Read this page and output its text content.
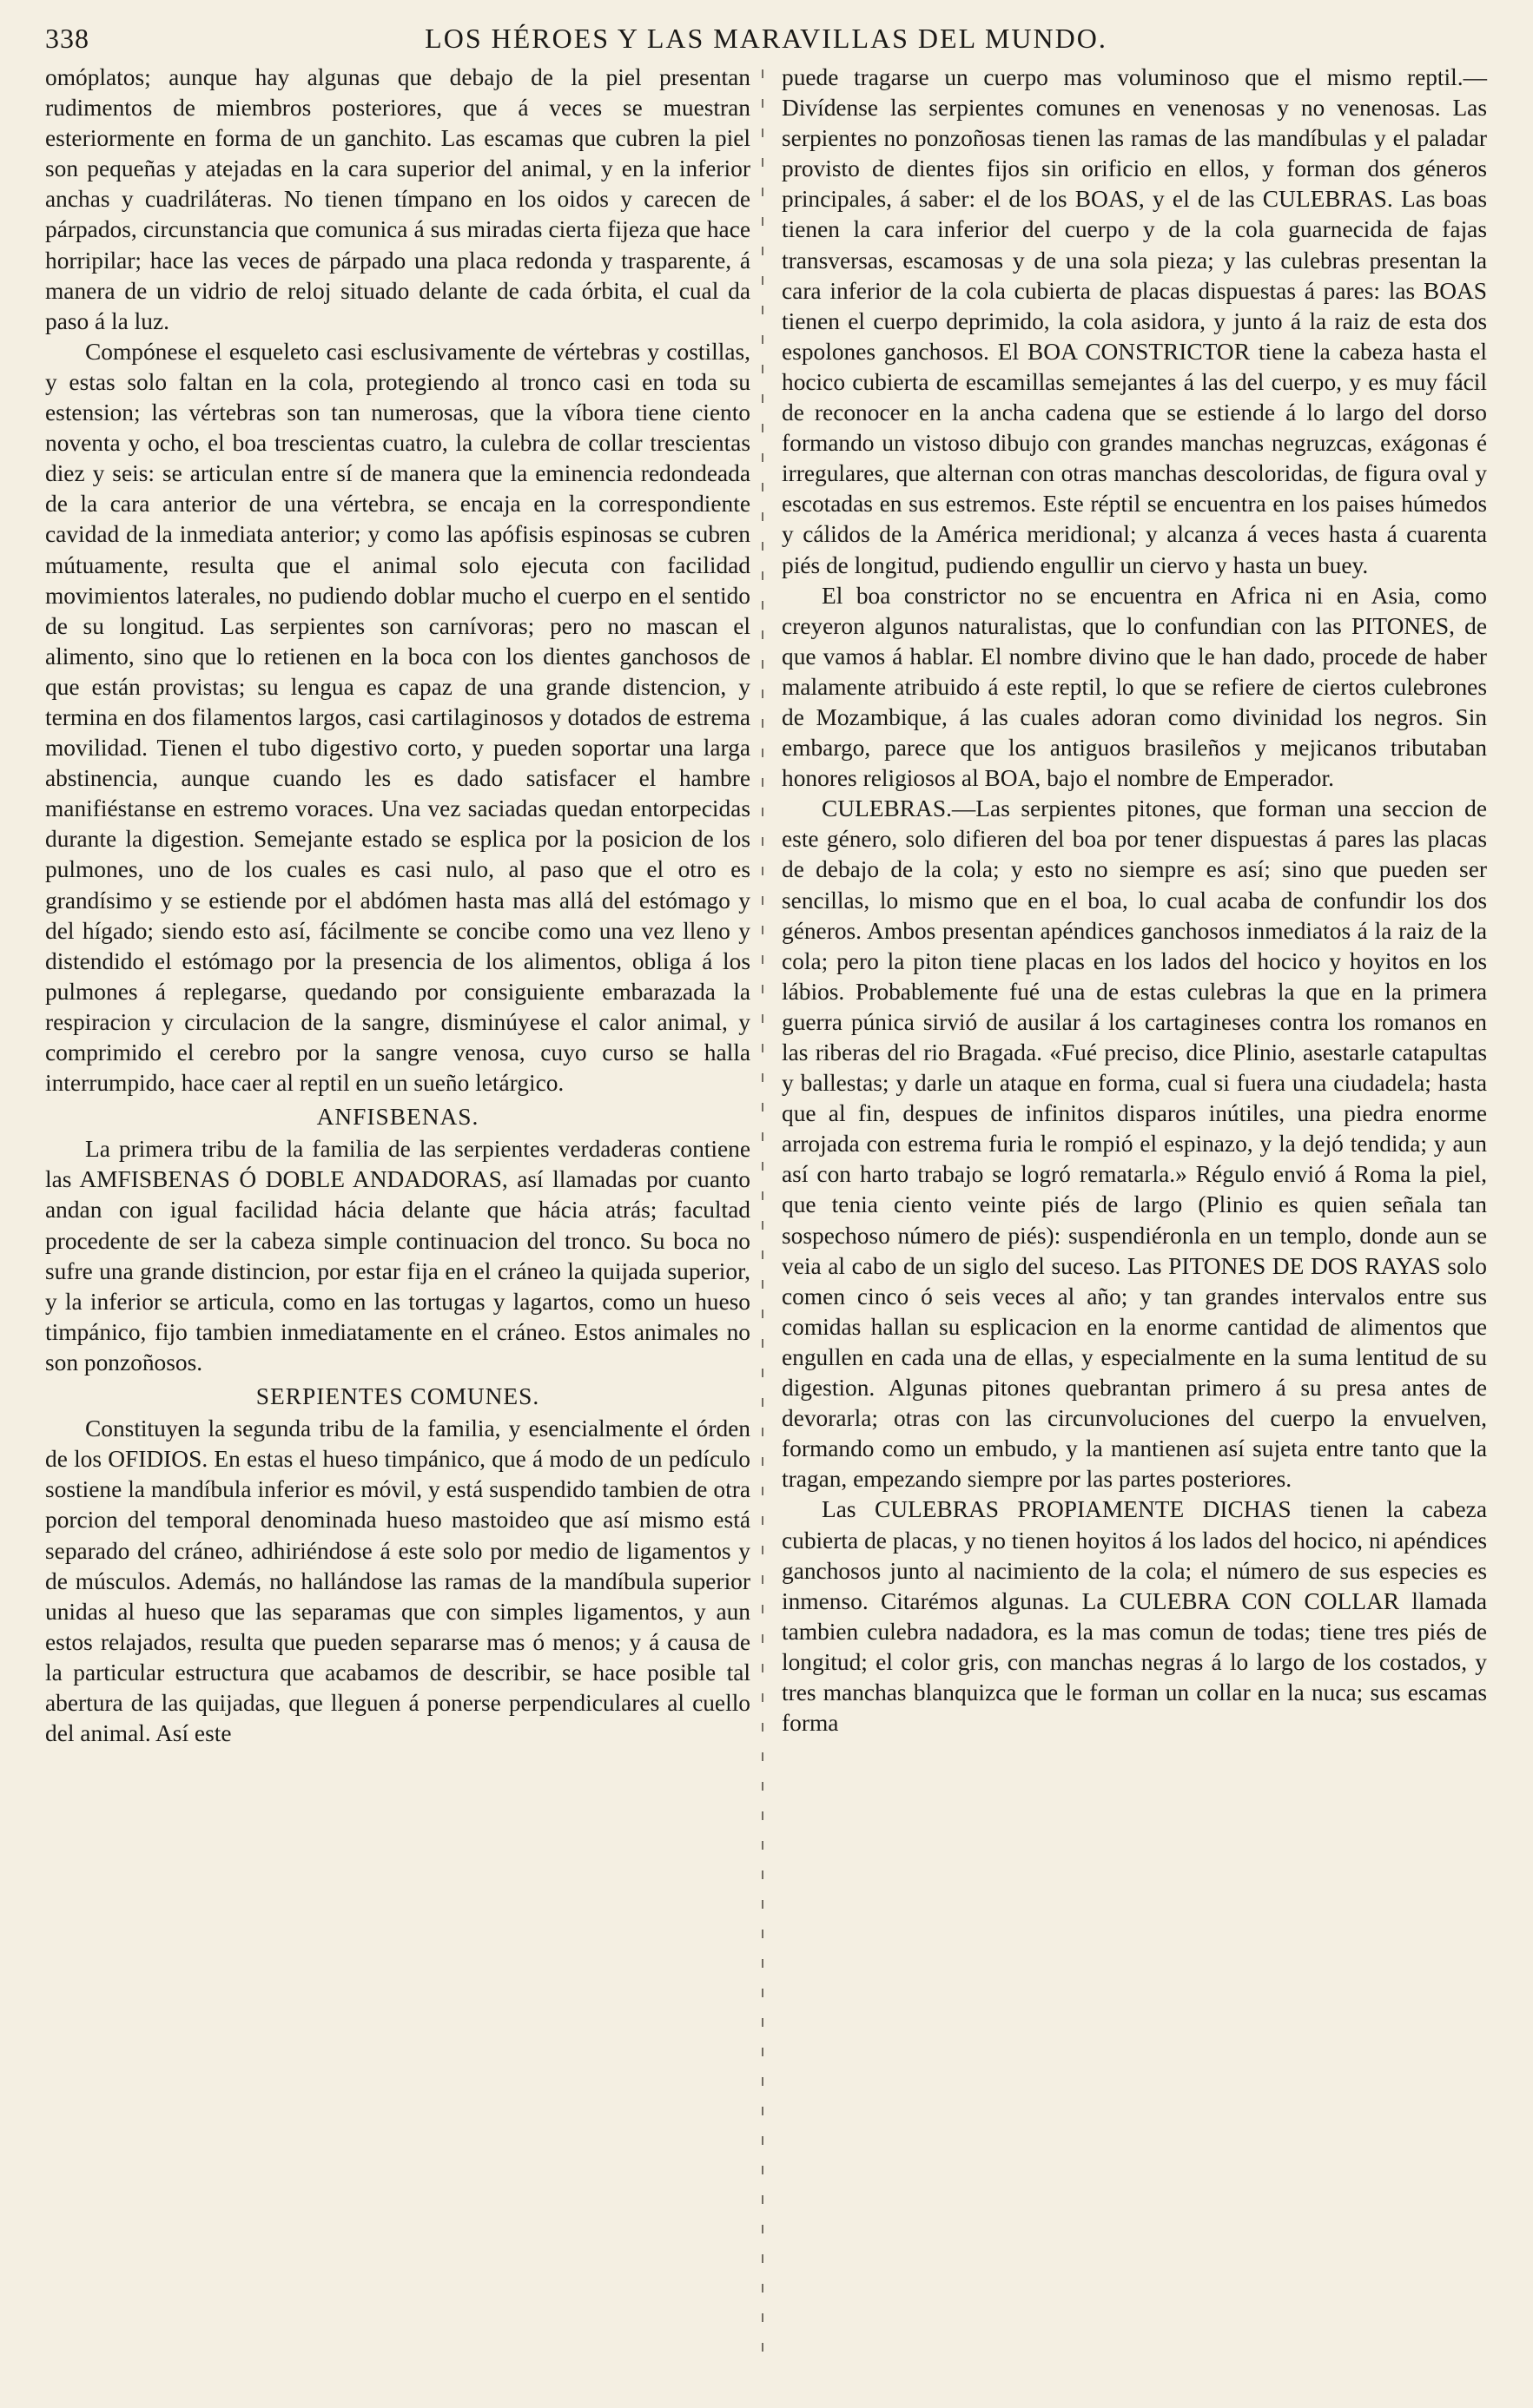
338	LOS HÉROES Y LAS MARAVILLAS DEL MUNDO.

omóplatos; aunque hay algunas que debajo de la piel presentan rudimentos de miembros posteriores, que á veces se muestran esteriormente en forma de un ganchito. Las escamas que cubren la piel son pequeñas y atejadas en la cara superior del animal, y en la inferior anchas y cuadriláteras. No tienen tímpano en los oidos y carecen de párpados, circunstancia que comunica á sus miradas cierta fijeza que hace horripilar; hace las veces de párpado una placa redonda y trasparente, á manera de un vidrio de reloj situado delante de cada órbita, el cual da paso á la luz.

Compónese el esqueleto casi esclusivamente de vértebras y costillas, y estas solo faltan en la cola, protegiendo al tronco casi en toda su estension; las vértebras son tan numerosas, que la víbora tiene ciento noventa y ocho, el boa trescientas cuatro, la culebra de collar trescientas diez y seis: se articulan entre sí de manera que la eminencia redondeada de la cara anterior de una vértebra, se encaja en la correspondiente cavidad de la inmediata anterior; y como las apófisis espinosas se cubren mútuamente, resulta que el animal solo ejecuta con facilidad movimientos laterales, no pudiendo doblar mucho el cuerpo en el sentido de su longitud. Las serpientes son carnívoras; pero no mascan el alimento, sino que lo retienen en la boca con los dientes ganchosos de que están provistas; su lengua es capaz de una grande distencion, y termina en dos filamentos largos, casi cartilaginosos y dotados de estrema movilidad. Tienen el tubo digestivo corto, y pueden soportar una larga abstinencia, aunque cuando les es dado satisfacer el hambre manifiéstanse en estremo voraces. Una vez saciadas quedan entorpecidas durante la digestion. Semejante estado se esplica por la posicion de los pulmones, uno de los cuales es casi nulo, al paso que el otro es grandísimo y se estiende por el abdómen hasta mas allá del estómago y del hígado; siendo esto así, fácilmente se concibe como una vez lleno y distendido el estómago por la presencia de los alimentos, obliga á los pulmones á replegarse, quedando por consiguiente embarazada la respiracion y circulacion de la sangre, disminúyese el calor animal, y comprimido el cerebro por la sangre venosa, cuyo curso se halla interrumpido, hace caer al reptil en un sueño letárgico.

ANFISBENAS.

La primera tribu de la familia de las serpientes verdaderas contiene las AMFISBENAS Ó DOBLE ANDADORAS, así llamadas por cuanto andan con igual facilidad hácia delante que hácia atrás; facultad procedente de ser la cabeza simple continuacion del tronco. Su boca no sufre una grande distincion, por estar fija en el cráneo la quijada superior, y la inferior se articula, como en las tortugas y lagartos, como un hueso timpánico, fijo tambien inmediatamente en el cráneo. Estos animales no son ponzoñosos.

SERPIENTES COMUNES.

Constituyen la segunda tribu de la familia, y esencialmente el órden de los OFIDIOS. En estas el hueso timpánico, que á modo de un pedículo sostiene la mandíbula inferior es móvil, y está suspendido tambien de otra porcion del temporal denominada hueso mastoideo que así mismo está separado del cráneo, adhiriéndose á este solo por medio de ligamentos y de músculos. Además, no hallándose las ramas de la mandíbula superior unidas al hueso que las separamas que con simples ligamentos, y aun estos relajados, resulta que pueden separarse mas ó menos; y á causa de la particular estructura que acabamos de describir, se hace posible tal abertura de las quijadas, que lleguen á ponerse perpendiculares al cuello del animal. Así este

puede tragarse un cuerpo mas voluminoso que el mismo reptil.—Divídense las serpientes comunes en venenosas y no venenosas. Las serpientes no ponzoñosas tienen las ramas de las mandíbulas y el paladar provisto de dientes fijos sin orificio en ellos, y forman dos géneros principales, á saber: el de los BOAS, y el de las CULEBRAS. Las boas tienen la cara inferior del cuerpo y de la cola guarnecida de fajas transversas, escamosas y de una sola pieza; y las culebras presentan la cara inferior de la cola cubierta de placas dispuestas á pares: las BOAS tienen el cuerpo deprimido, la cola asidora, y junto á la raiz de esta dos espolones ganchosos. El BOA CONSTRICTOR tiene la cabeza hasta el hocico cubierta de escamillas semejantes á las del cuerpo, y es muy fácil de reconocer en la ancha cadena que se estiende á lo largo del dorso formando un vistoso dibujo con grandes manchas negruzcas, exágonas é irregulares, que alternan con otras manchas descoloridas, de figura oval y escotadas en sus estremos. Este réptil se encuentra en los paises húmedos y cálidos de la América meridional; y alcanza á veces hasta á cuarenta piés de longitud, pudiendo engullir un ciervo y hasta un buey.

El boa constrictor no se encuentra en Africa ni en Asia, como creyeron algunos naturalistas, que lo confundian con las PITONES, de que vamos á hablar. El nombre divino que le han dado, procede de haber malamente atribuido á este reptil, lo que se refiere de ciertos culebrones de Mozambique, á las cuales adoran como divinidad los negros. Sin embargo, parece que los antiguos brasileños y mejicanos tributaban honores religiosos al BOA, bajo el nombre de Emperador.

CULEBRAS.—Las serpientes pitones, que forman una seccion de este género, solo difieren del boa por tener dispuestas á pares las placas de debajo de la cola; y esto no siempre es así; sino que pueden ser sencillas, lo mismo que en el boa, lo cual acaba de confundir los dos géneros. Ambos presentan apéndices ganchosos inmediatos á la raiz de la cola; pero la piton tiene placas en los lados del hocico y hoyitos en los lábios. Probablemente fué una de estas culebras la que en la primera guerra púnica sirvió de ausilar á los cartagineses contra los romanos en las riberas del rio Bragada. «Fué preciso, dice Plinio, asestarle catapultas y ballestas; y darle un ataque en forma, cual si fuera una ciudadela; hasta que al fin, despues de infinitos disparos inútiles, una piedra enorme arrojada con estrema furia le rompió el espinazo, y la dejó tendida; y aun así con harto trabajo se logró rematarla.» Régulo envió á Roma la piel, que tenia ciento veinte piés de largo (Plinio es quien señala tan sospechoso número de piés): suspendiéronla en un templo, donde aun se veia al cabo de un siglo del suceso. Las PITONES DE DOS RAYAS solo comen cinco ó seis veces al año; y tan grandes intervalos entre sus comidas hallan su esplicacion en la enorme cantidad de alimentos que engullen en cada una de ellas, y especialmente en la suma lentitud de su digestion. Algunas pitones quebrantan primero á su presa antes de devorarla; otras con las circunvoluciones del cuerpo la envuelven, formando como un embudo, y la mantienen así sujeta entre tanto que la tragan, empezando siempre por las partes posteriores.

Las CULEBRAS PROPIAMENTE DICHAS tienen la cabeza cubierta de placas, y no tienen hoyitos á los lados del hocico, ni apéndices ganchosos junto al nacimiento de la cola; el número de sus especies es inmenso. Citarémos algunas. La CULEBRA CON COLLAR llamada tambien culebra nadadora, es la mas comun de todas; tiene tres piés de longitud; el color gris, con manchas negras á lo largo de los costados, y tres manchas blanquizca que le forman un collar en la nuca; sus escamas forma
